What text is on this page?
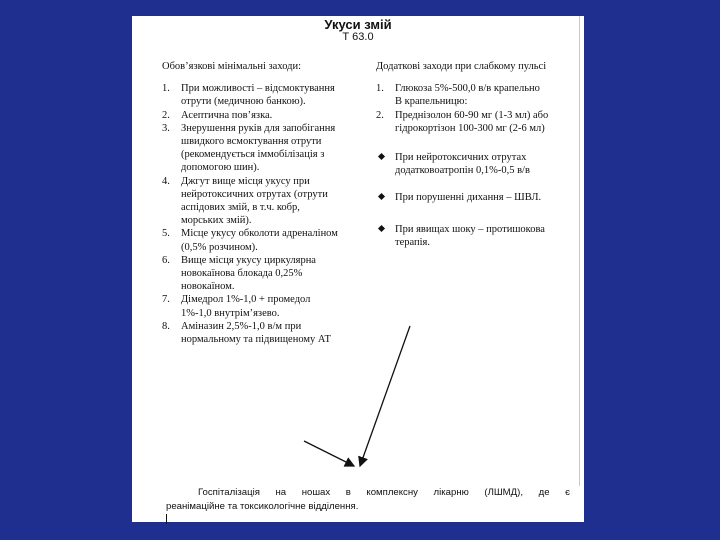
Укуси змій
Т 63.0
Обов’язкові мінімальні заходи:
1. При можливості – відсмоктування отрути (медичною банкою).
2. Асептична пов’язка.
3. Знерушення руків для запобігання швидкого всмоктування отрути (рекомендується іммобілізація з допомогою шин).
4. Джгут вище місця укусу при нейротоксичних отрутах (отрути аспідових змій, в т.ч. кобр, морських змій).
5. Місце укусу обколоти адреналіном (0,5% розчином).
6. Вище місця укусу циркулярна новокаїнова блокада 0,25% новокаїном.
7. Дімедрол 1%-1,0 + промедол 1%-1,0 внутрім’язево.
8. Аміназин 2,5%-1,0 в/м при нормальному та підвищеному АТ
Додаткові заходи при слабкому пульсі
1. Глюкоза 5%-500,0 в/в крапельно
В крапельницю:
2. Преднізолон 60-90 мг (1-3 мл) або гідрокортізон 100-300 мг (2-6 мл)
При нейротоксичних отрутах додатковоатропін 0,1%-0,5 в/в
При порушенні дихання – ШВЛ.
При явищах шоку – протишокова терапія.
Госпіталізація на ношах в комплексну лікарню (ЛШМД), де є
реанімаційне та токсикологічне відділення.
